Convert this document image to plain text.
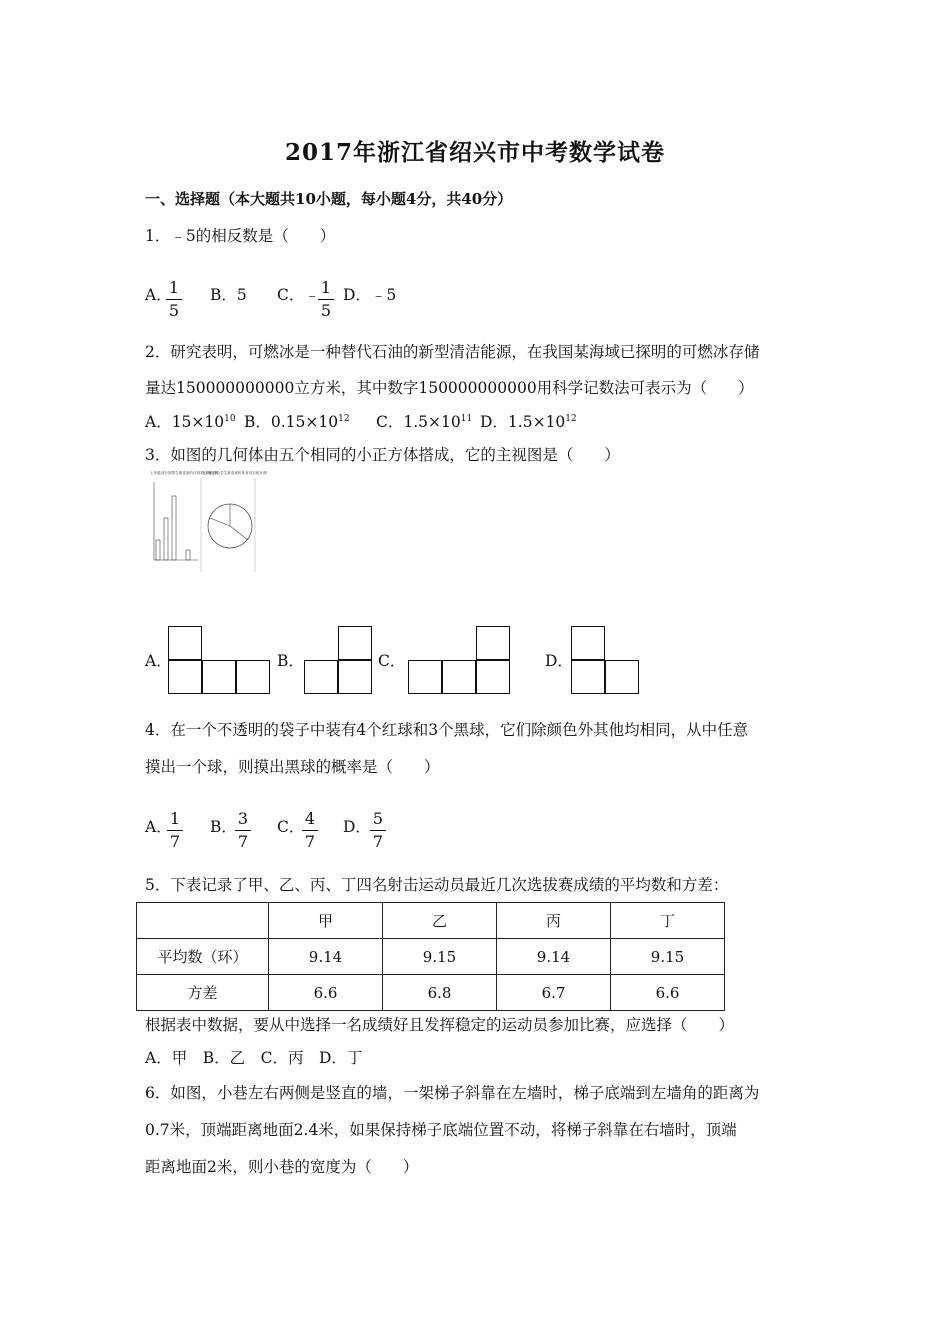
2017年浙江省绍兴市中考数学试卷
一、选择题（本大题共10小题，每小题4分，共40分）
1．﹣5的相反数是（　　）
A．
1
5
B．5 C．﹣ 1
5
D．﹣5
2．研究表明，可燃冰是一种替代石油的新型清洁能源，在我国某海域已探明的可燃冰存储
量达150000000000立方米，其中数字150000000000用科学记数法可表示为（　　）
A．$15\times 10^{10}$ B．$0.15\times 10^{12}$ C．$1.5\times 10^{11}$ D．$1.5\times 10^{12}$
3．如图的几何体由五个相同的小正方体搭成，它的主视图是（　　）
七年级部分图男生最喜欢的体育项目统计图
七年级部分学生最喜欢的体育项目统计图
A．	B．	C．	D．
4．在一个不透明的袋子中装有4个红球和3个黑球，它们除颜色外其他均相同，从中任意
摸出一个球，则摸出黑球的概率是（　　）
A．
1
7
B． 3
7
C． 4
7
D． 5
7
5．下表记录了甲、乙、丙、丁四名射击运动员最近几次选拔赛成绩的平均数和方差：
	甲	乙	丙	丁
平均数（环）	9.14	9.15	9.14	9.15
方差	6.6	6.8	6.7	6.6
根据表中数据，要从中选择一名成绩好且发挥稳定的运动员参加比赛，应选择（　　）
A．甲　B．乙　C．丙　D．丁
6．如图，小巷左右两侧是竖直的墙，一架梯子斜靠在左墙时，梯子底端到左墙角的距离为
0.7米，顶端距离地面2.4米，如果保持梯子底端位置不动，将梯子斜靠在右墙时，顶端
距离地面2米，则小巷的宽度为（　　）
